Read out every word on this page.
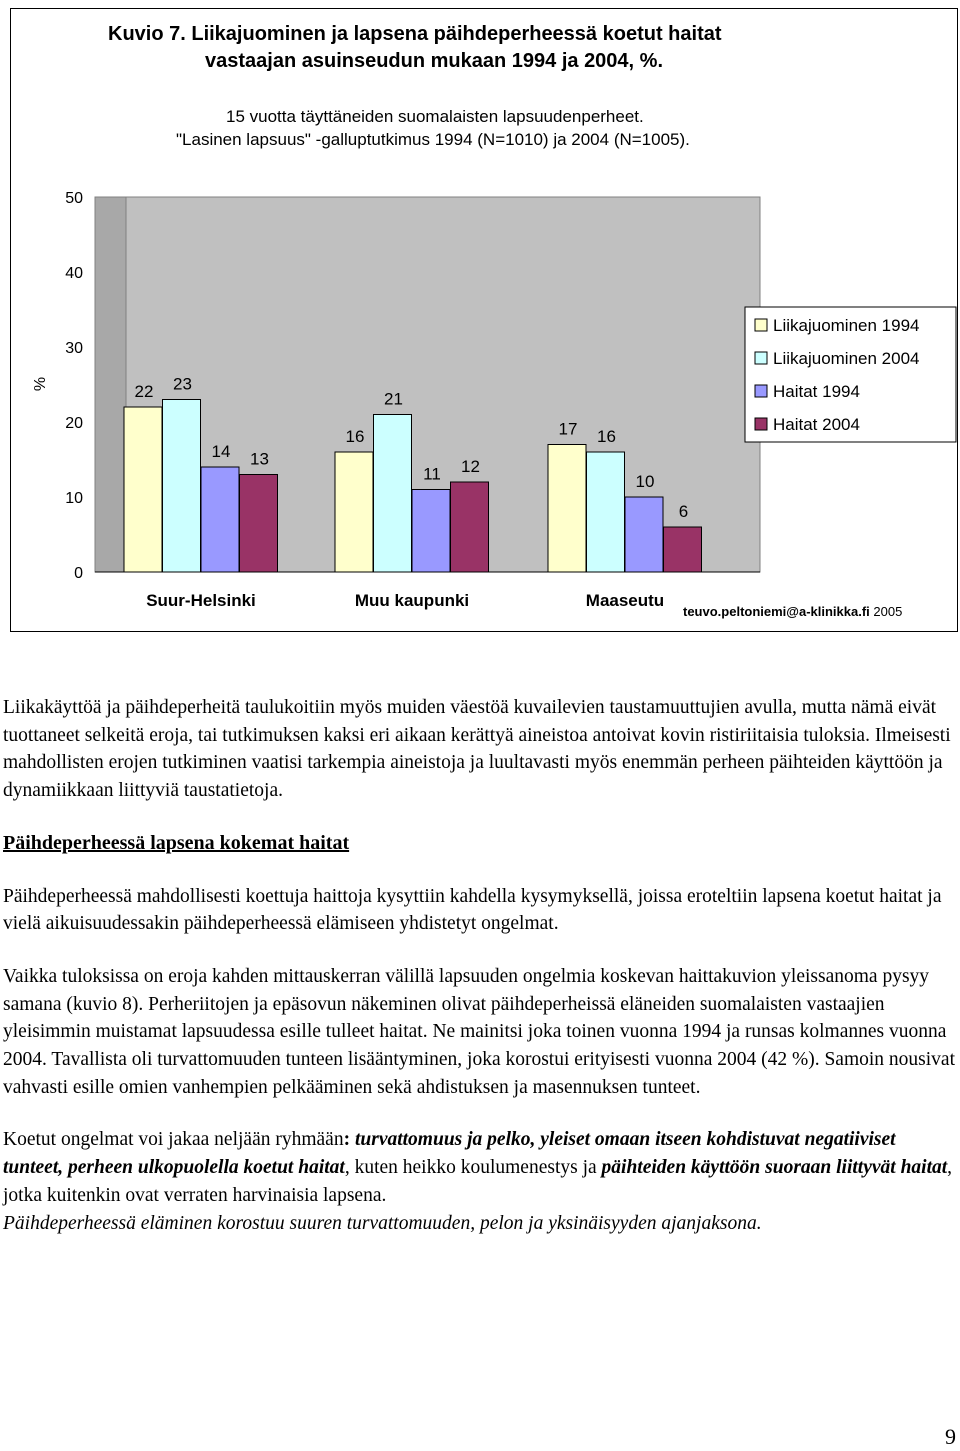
Kuvio 7. Liikajuominen ja lapsena päihdeperheessä koetut haitat
vastaajan asuinseudun mukaan 1994 ja 2004, %.
15 vuotta täyttäneiden suomalaisten lapsuudenperheet.
"Lasinen lapsuus" -galluptutkimus 1994 (N=1010) ja 2004 (N=1005).
0
10
20
30
40
50
%	22 23
14 13
Suur-Helsinki
16
21
11 12
Muu kaupunki
17 16
10
6
Maaseutu
Liikajuominen 1994
Liikajuominen 2004
Haitat 1994
Haitat 2004
teuvo.peltoniemi@a-klinikka.fi 2005

Liikakäyttöä ja päihdeperheitä taulukoitiin myös muiden väestöä kuvailevien taustamuuttujien avulla, mutta nämä eivät tuottaneet selkeitä eroja, tai tutkimuksen kaksi eri aikaan kerättyä aineistoa antoivat kovin ristiriitaisia tuloksia. Ilmeisesti mahdollisten erojen tutkiminen vaatisi tarkempia aineistoja ja luultavasti myös enemmän perheen päihteiden käyttöön ja dynamiikkaan liittyviä taustatietoja.

Päihdeperheessä lapsena kokemat haitat

Päihdeperheessä mahdollisesti koettuja haittoja kysyttiin kahdella kysymyksellä, joissa eroteltiin lapsena koetut haitat ja vielä aikuisuudessakin päihdeperheessä elämiseen yhdistetyt ongelmat.

Vaikka tuloksissa on eroja kahden mittauskerran välillä lapsuuden ongelmia koskevan haittakuvion yleissanoma pysyy samana (kuvio 8). Perheriitojen ja epäsovun näkeminen olivat päihdeperheissä eläneiden suomalaisten vastaajien yleisimmin muistamat lapsuudessa esille tulleet haitat. Ne mainitsi joka toinen vuonna 1994 ja runsas kolmannes vuonna 2004. Tavallista oli turvattomuuden tunteen lisääntyminen, joka korostui erityisesti vuonna 2004 (42 %). Samoin nousivat vahvasti esille omien vanhempien pelkääminen sekä ahdistuksen ja masennuksen tunteet.

Koetut ongelmat voi jakaa neljään ryhmään: turvattomuus ja pelko, yleiset omaan itseen kohdistuvat negatiiviset tunteet, perheen ulkopuolella koetut haitat, kuten heikko koulumenestys ja päihteiden käyttöön suoraan liittyvät haitat, jotka kuitenkin ovat verraten harvinaisia lapsena.
Päihdeperheessä eläminen korostuu suuren turvattomuuden, pelon ja yksinäisyyden ajanjaksona.

9
